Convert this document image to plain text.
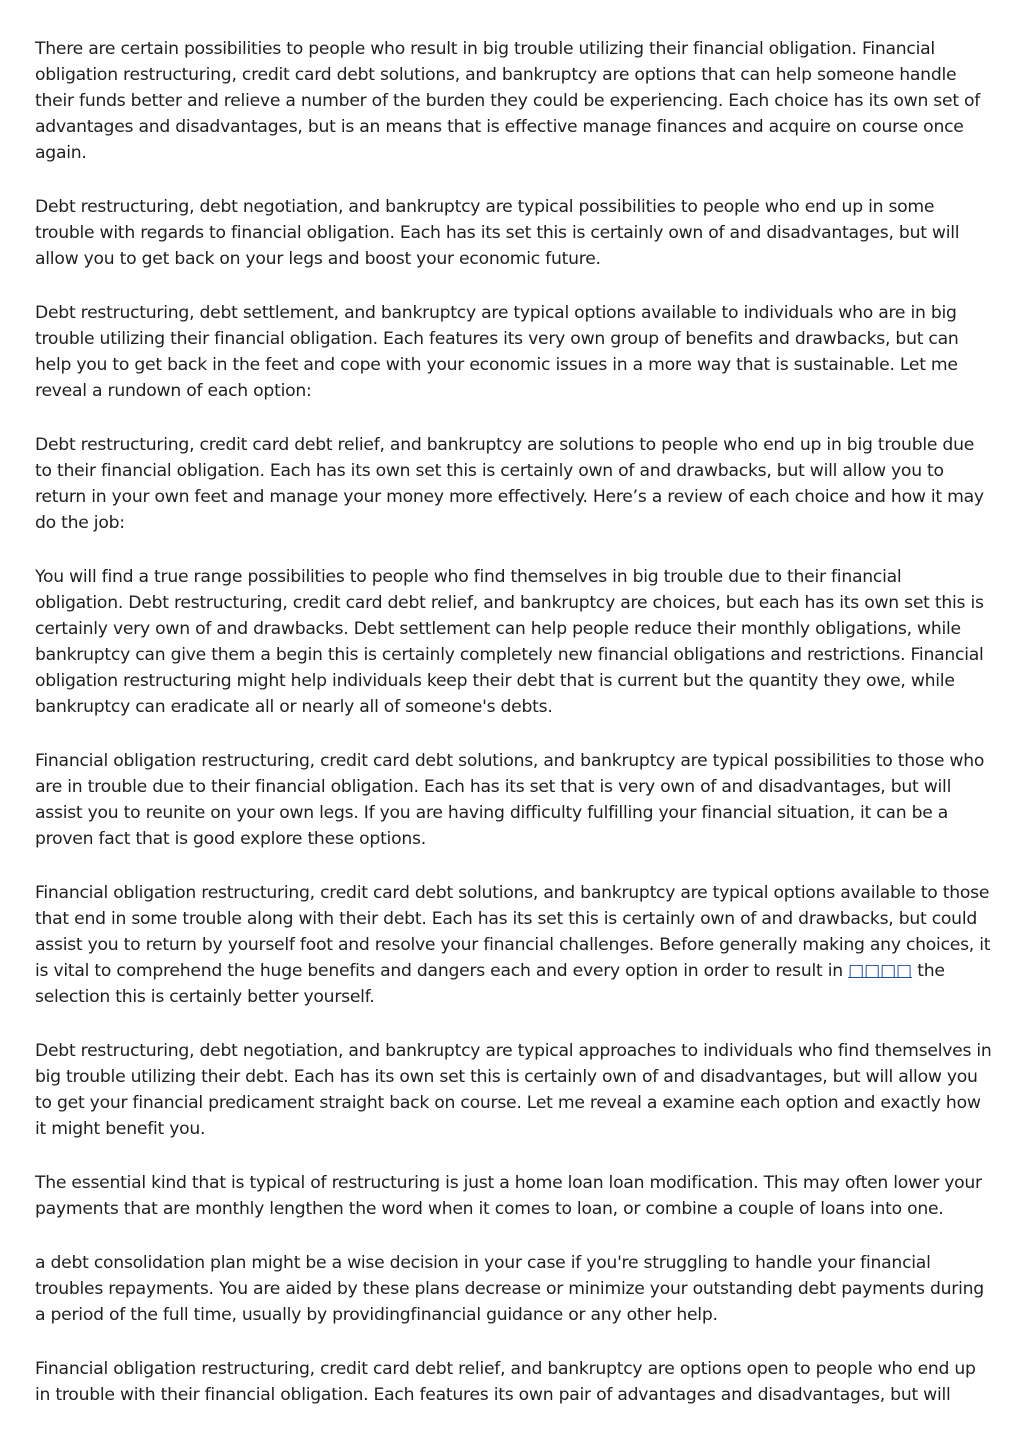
There are certain possibilities to people who result in big trouble utilizing their financial obligation. Financial obligation restructuring, credit card debt solutions, and bankruptcy are options that can help someone handle their funds better and relieve a number of the burden they could be experiencing. Each choice has its own set of advantages and disadvantages, but is an means that is effective manage finances and acquire on course once again.

Debt restructuring, debt negotiation, and bankruptcy are typical possibilities to people who end up in some trouble with regards to financial obligation. Each has its set this is certainly own of and disadvantages, but will allow you to get back on your legs and boost your economic future.

Debt restructuring, debt settlement, and bankruptcy are typical options available to individuals who are in big trouble utilizing their financial obligation. Each features its very own group of benefits and drawbacks, but can help you to get back in the feet and cope with your economic issues in a more way that is sustainable. Let me reveal a rundown of each option:

Debt restructuring, credit card debt relief, and bankruptcy are solutions to people who end up in big trouble due to their financial obligation. Each has its own set this is certainly own of and drawbacks, but will allow you to return in your own feet and manage your money more effectively. Here’s a review of each choice and how it may do the job:

You will find a true range possibilities to people who find themselves in big trouble due to their financial obligation. Debt restructuring, credit card debt relief, and bankruptcy are choices, but each has its own set this is certainly very own of and drawbacks. Debt settlement can help people reduce their monthly obligations, while bankruptcy can give them a begin this is certainly completely new financial obligations and restrictions. Financial obligation restructuring might help individuals keep their debt that is current but the quantity they owe, while bankruptcy can eradicate all or nearly all of someone's debts.

Financial obligation restructuring, credit card debt solutions, and bankruptcy are typical possibilities to those who are in trouble due to their financial obligation. Each has its set that is very own of and disadvantages, but will assist you to reunite on your own legs. If you are having difficulty fulfilling your financial situation, it can be a proven fact that is good explore these options.

Financial obligation restructuring, credit card debt solutions, and bankruptcy are typical options available to those that end in some trouble along with their debt. Each has its set this is certainly own of and drawbacks, but could assist you to return by yourself foot and resolve your financial challenges. Before generally making any choices, it is vital to comprehend the huge benefits and dangers each and every option in order to result in □□□□ the selection this is certainly better yourself.

Debt restructuring, debt negotiation, and bankruptcy are typical approaches to individuals who find themselves in big trouble utilizing their debt. Each has its own set this is certainly own of and disadvantages, but will allow you to get your financial predicament straight back on course. Let me reveal a examine each option and exactly how it might benefit you.

The essential kind that is typical of restructuring is just a home loan loan modification. This may often lower your payments that are monthly lengthen the word when it comes to loan, or combine a couple of loans into one.

a debt consolidation plan might be a wise decision in your case if you're struggling to handle your financial troubles repayments. You are aided by these plans decrease or minimize your outstanding debt payments during a period of the full time, usually by providingfinancial guidance or any other help.

Financial obligation restructuring, credit card debt relief, and bankruptcy are options open to people who end up in trouble with their financial obligation. Each features its own pair of advantages and disadvantages, but will
